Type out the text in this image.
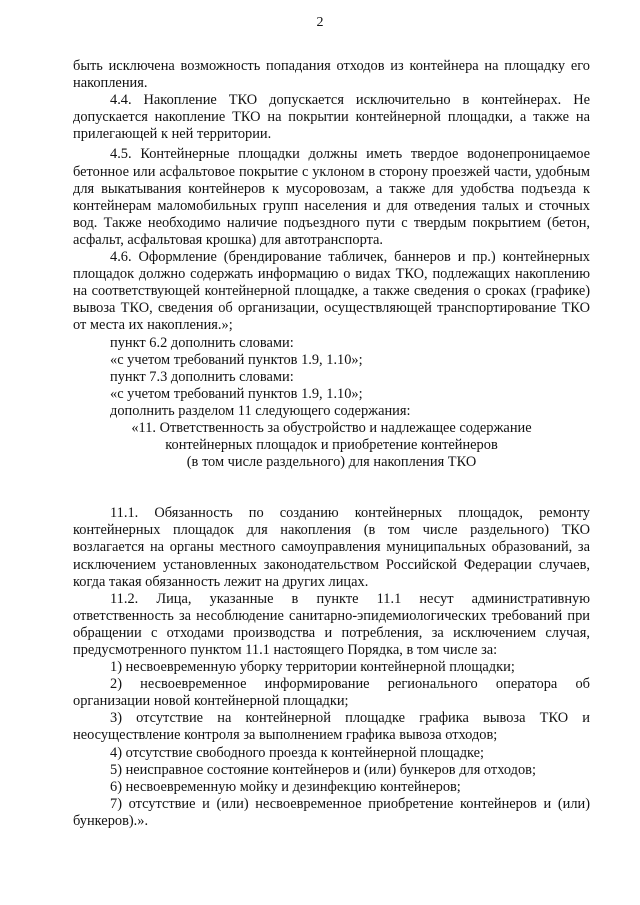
2

быть исключена возможность попадания отходов из контейнера на площадку его накопления.

4.4. Накопление ТКО допускается исключительно в контейнерах. Не допускается накопление ТКО на покрытии контейнерной площадки, а также на прилегающей к ней территории.

4.5. Контейнерные площадки должны иметь твердое водонепроницаемое бетонное или асфальтовое покрытие с уклоном в сторону проезжей части, удобным для выкатывания контейнеров к мусоровозам, а также для удобства подъезда к контейнерам маломобильных групп населения и для отведения талых и сточных вод. Также необходимо наличие подъездного пути с твердым покрытием (бетон, асфальт, асфальтовая крошка) для автотранспорта.

4.6. Оформление (брендирование табличек, баннеров и пр.) контейнерных площадок должно содержать информацию о видах ТКО, подлежащих накоплению на соответствующей контейнерной площадке, а также сведения о сроках (графике) вывоза ТКО, сведения об организации, осуществляющей транспортирование ТКО от места их накопления.»;

пункт 6.2 дополнить словами:

«с учетом требований пунктов 1.9, 1.10»;

пункт 7.3 дополнить словами:

«с учетом требований пунктов 1.9, 1.10»;

дополнить разделом 11 следующего содержания:

«11. Ответственность за обустройство и надлежащее содержание

контейнерных площадок и приобретение контейнеров

(в том числе раздельного) для накопления ТКО

11.1. Обязанность по созданию контейнерных площадок, ремонту контейнерных площадок для накопления (в том числе раздельного) ТКО возлагается на органы местного самоуправления муниципальных образований, за исключением установленных законодательством Российской Федерации случаев, когда такая обязанность лежит на других лицах.

11.2. Лица, указанные в пункте 11.1 несут административную ответственность за несоблюдение санитарно-эпидемиологических требований при обращении с отходами производства и потребления, за исключением случая, предусмотренного пунктом 11.1 настоящего Порядка, в том числе за:

1) несвоевременную уборку территории контейнерной площадки;

2) несвоевременное информирование регионального оператора об организации новой контейнерной площадки;

3) отсутствие на контейнерной площадке графика вывоза ТКО и неосуществление контроля за выполнением графика вывоза отходов;

4) отсутствие свободного проезда к контейнерной площадке;

5) неисправное состояние контейнеров и (или) бункеров для отходов;

6) несвоевременную мойку и дезинфекцию контейнеров;

7) отсутствие и (или) несвоевременное приобретение контейнеров и (или) бункеров).».
